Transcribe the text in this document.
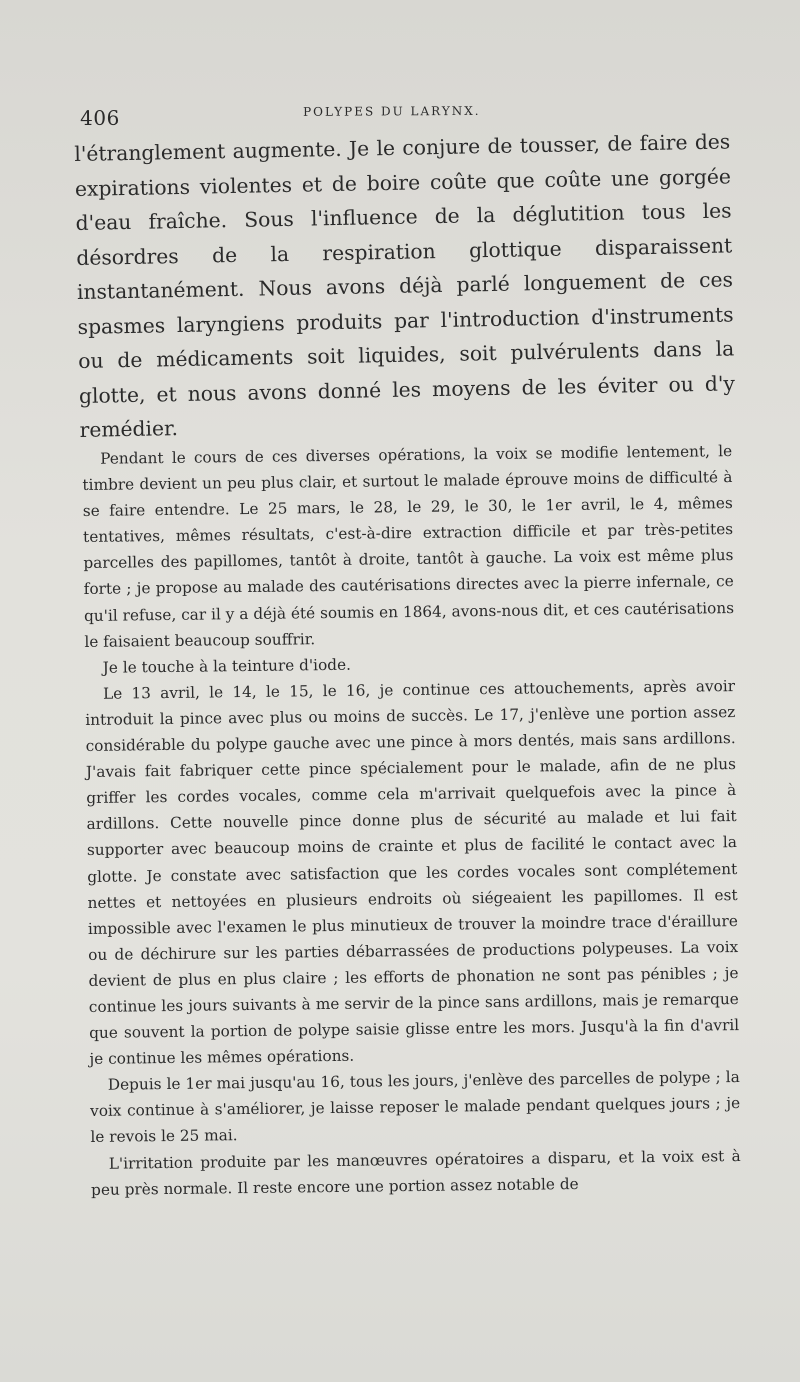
406	POLYPES DU LARYNX.

l'étranglement augmente. Je le conjure de tousser, de faire des expirations violentes et de boire coûte que coûte une gorgée d'eau fraîche. Sous l'influence de la déglutition tous les désordres de la respiration glottique disparaissent instantanément. Nous avons déjà parlé longuement de ces spasmes laryngiens produits par l'introduction d'instruments ou de médicaments soit liquides, soit pulvérulents dans la glotte, et nous avons donné les moyens de les éviter ou d'y remédier.

Pendant le cours de ces diverses opérations, la voix se modifie lentement, le timbre devient un peu plus clair, et surtout le malade éprouve moins de difficulté à se faire entendre. Le 25 mars, le 28, le 29, le 30, le 1er avril, le 4, mêmes tentatives, mêmes résultats, c'est-à-dire extraction difficile et par très-petites parcelles des papillomes, tantôt à droite, tantôt à gauche. La voix est même plus forte ; je propose au malade des cautérisations directes avec la pierre infernale, ce qu'il refuse, car il y a déjà été soumis en 1864, avons-nous dit, et ces cautérisations le faisaient beaucoup souffrir.

Je le touche à la teinture d'iode.

Le 13 avril, le 14, le 15, le 16, je continue ces attouchements, après avoir introduit la pince avec plus ou moins de succès. Le 17, j'enlève une portion assez considérable du polype gauche avec une pince à mors dentés, mais sans ardillons. J'avais fait fabriquer cette pince spécialement pour le malade, afin de ne plus griffer les cordes vocales, comme cela m'arrivait quelquefois avec la pince à ardillons. Cette nouvelle pince donne plus de sécurité au malade et lui fait supporter avec beaucoup moins de crainte et plus de facilité le contact avec la glotte. Je constate avec satisfaction que les cordes vocales sont complétement nettes et nettoyées en plusieurs endroits où siégeaient les papillomes. Il est impossible avec l'examen le plus minutieux de trouver la moindre trace d'éraillure ou de déchirure sur les parties débarrassées de productions polypeuses. La voix devient de plus en plus claire ; les efforts de phonation ne sont pas pénibles ; je continue les jours suivants à me servir de la pince sans ardillons, mais je remarque que souvent la portion de polype saisie glisse entre les mors. Jusqu'à la fin d'avril je continue les mêmes opérations.

Depuis le 1er mai jusqu'au 16, tous les jours, j'enlève des parcelles de polype ; la voix continue à s'améliorer, je laisse reposer le malade pendant quelques jours ; je le revois le 25 mai.

L'irritation produite par les manœuvres opératoires a disparu, et la voix est à peu près normale. Il reste encore une portion assez notable de
